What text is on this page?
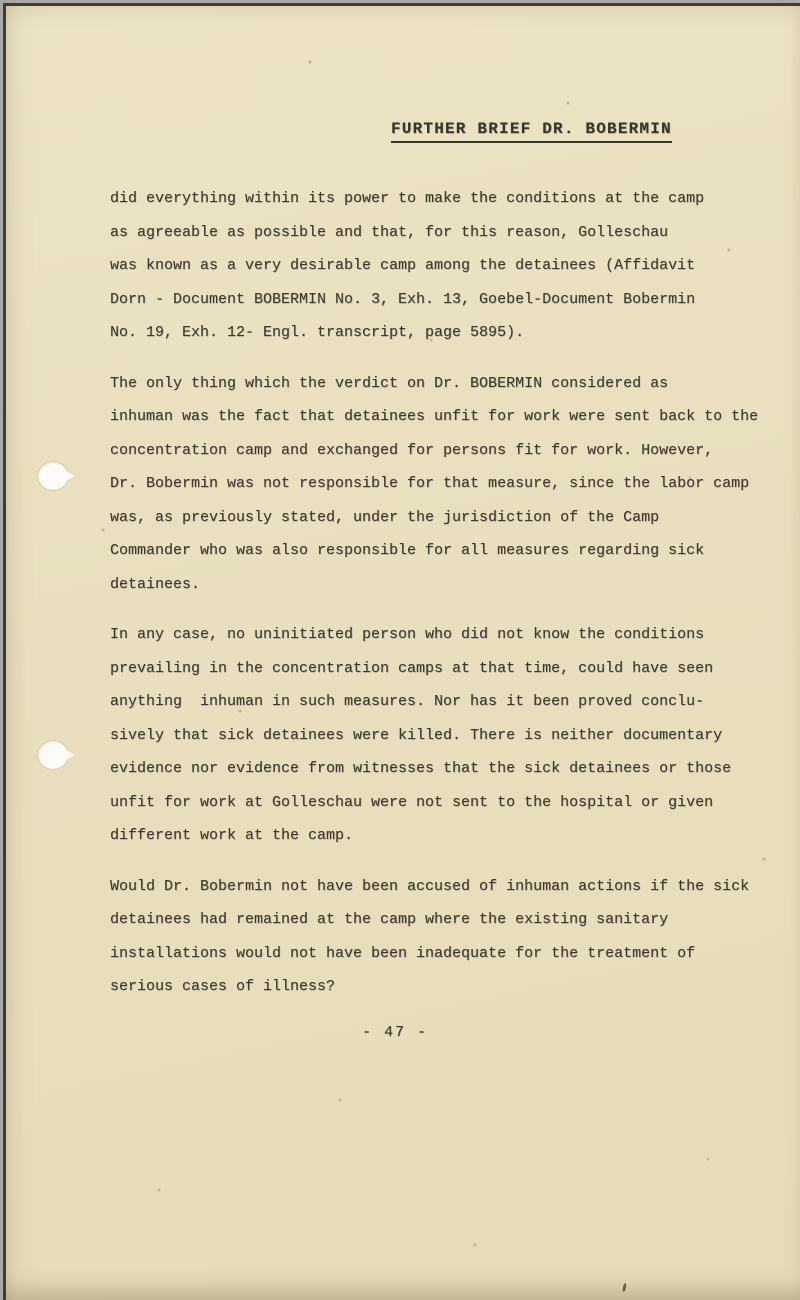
FURTHER BRIEF DR. BOBERMIN
did everything within its power to make the conditions at the camp
as agreeable as possible and that, for this reason, Golleschau
was known as a very desirable camp among the detainees (Affidavit
Dorn - Document BOBERMIN No. 3, Exh. 13, Goebel-Document Bobermin
No. 19, Exh. 12- Engl. transcript, page 5895).
The only thing which the verdict on Dr. BOBERMIN considered as
inhuman was the fact that detainees unfit for work were sent back to the
concentration camp and exchanged for persons fit for work. However,
Dr. Bobermin was not responsible for that measure, since the labor camp
was, as previously stated, under the jurisdiction of the Camp
Commander who was also responsible for all measures regarding sick
detainees.
In any case, no uninitiated person who did not know the conditions
prevailing in the concentration camps at that time, could have seen
anything  inhuman in such measures. Nor has it been proved conclu-
sively that sick detainees were killed. There is neither documentary
evidence nor evidence from witnesses that the sick detainees or those
unfit for work at Golleschau were not sent to the hospital or given
different work at the camp.
Would Dr. Bobermin not have been accused of inhuman actions if the sick
detainees had remained at the camp where the existing sanitary
installations would not have been inadequate for the treatment of
serious cases of illness?
- 47 -
